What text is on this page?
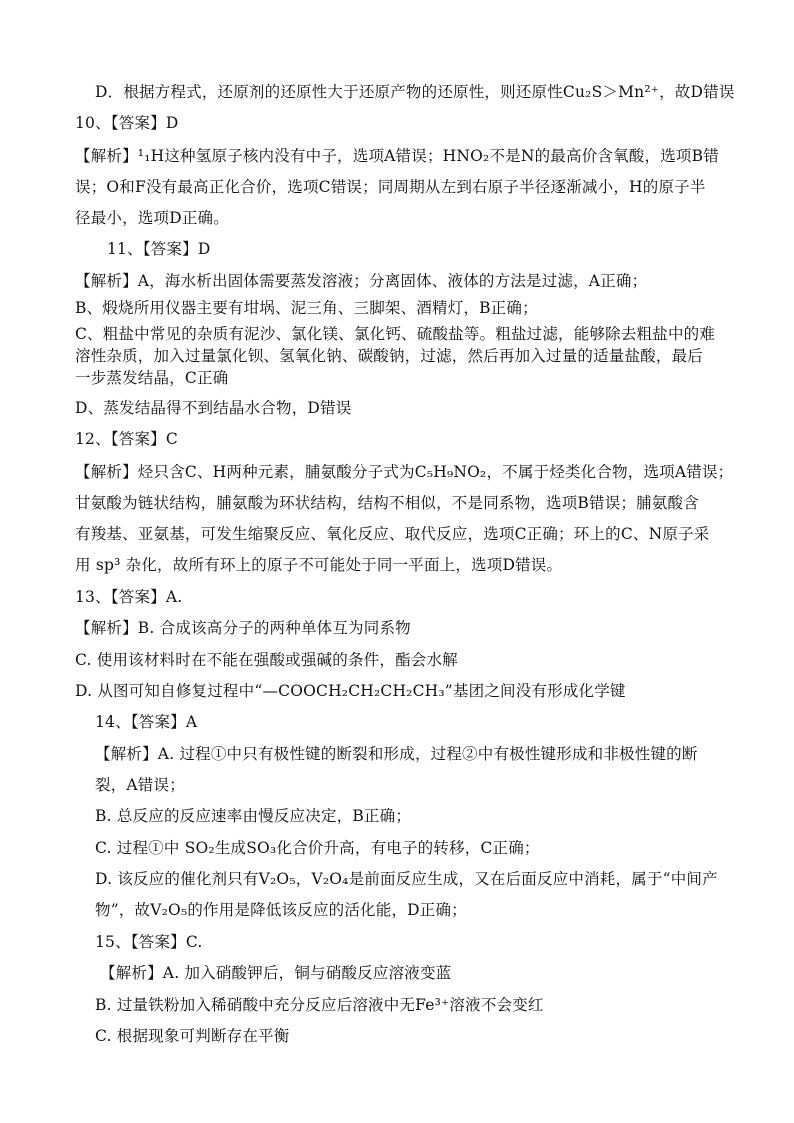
D．根据方程式，还原剂的还原性大于还原产物的还原性，则还原性Cu₂S＞Mn²⁺，故D错误
10、【答案】D
【解析】¹₁H这种氢原子核内没有中子，选项A错误；HNO₂不是N的最高价含氧酸，选项B错
误；O和F没有最高正化合价，选项C错误；同周期从左到右原子半径逐渐减小，H的原子半
径最小，选项D正确。
11、【答案】D
【解析】A，海水析出固体需要蒸发溶液；分离固体、液体的方法是过滤，A正确；
B、煅烧所用仪器主要有坩埚、泥三角、三脚架、酒精灯，B正确；
C、粗盐中常见的杂质有泥沙、氯化镁、氯化钙、硫酸盐等。粗盐过滤，能够除去粗盐中的难
溶性杂质，加入过量氯化钡、氢氧化钠、碳酸钠，过滤，然后再加入过量的适量盐酸，最后
一步蒸发结晶，C正确
D、蒸发结晶得不到结晶水合物，D错误
12、【答案】C
【解析】烃只含C、H两种元素，脯氨酸分子式为C₅H₉NO₂，不属于烃类化合物，选项A错误；
甘氨酸为链状结构，脯氨酸为环状结构，结构不相似，不是同系物，选项B错误；脯氨酸含
有羧基、亚氨基，可发生缩聚反应、氧化反应、取代反应，选项C正确；环上的C、N原子采
用 sp³ 杂化，故所有环上的原子不可能处于同一平面上，选项D错误。
13、【答案】A.
【解析】B. 合成该高分子的两种单体互为同系物
C. 使用该材料时在不能在强酸或强碱的条件，酯会水解
D. 从图可知自修复过程中“—COOCH₂CH₂CH₂CH₃”基团之间没有形成化学键
14、【答案】A
【解析】A. 过程①中只有极性键的断裂和形成，过程②中有极性键形成和非极性键的断
裂，A错误；
B. 总反应的反应速率由慢反应决定，B正确；
C. 过程①中 SO₂生成SO₃化合价升高，有电子的转移，C正确；
D. 该反应的催化剂只有V₂O₅，V₂O₄是前面反应生成，又在后面反应中消耗，属于“中间产
物”，故V₂O₅的作用是降低该反应的活化能，D正确；
15、【答案】C.
【解析】A. 加入硝酸钾后，铜与硝酸反应溶液变蓝
B. 过量铁粉加入稀硝酸中充分反应后溶液中无Fe³⁺溶液不会变红
C. 根据现象可判断存在平衡
